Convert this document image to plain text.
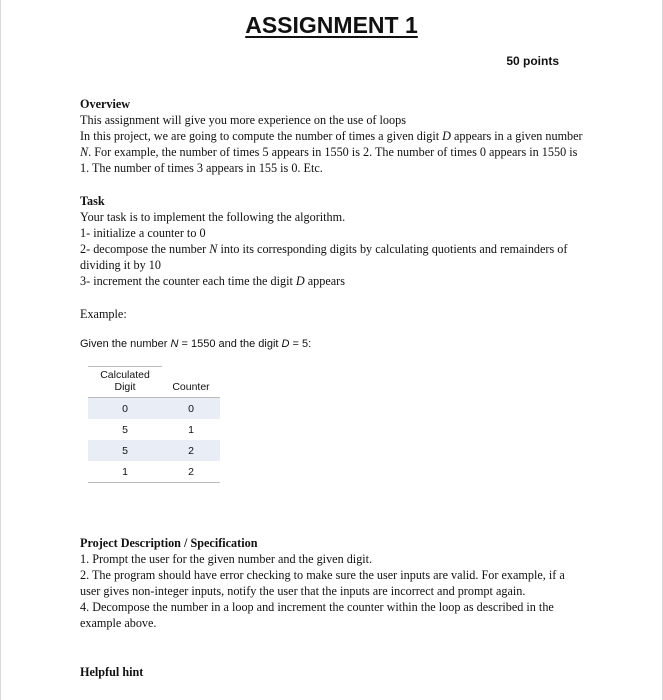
ASSIGNMENT 1
50 points

Overview

This assignment will give you more experience on the use of loops

In this project, we are going to compute the number of times a given digit D appears in a given number N. For example, the number of times 5 appears in 1550 is 2. The number of times 0 appears in 1550 is 1. The number of times 3 appears in 155 is 0. Etc.

Task

Your task is to implement the following the algorithm.

1- initialize a counter to 0

2- decompose the number N into its corresponding digits by calculating quotients and remainders of dividing it by 10

3- increment the counter each time the digit D appears

Example:
Given the number N = 1550 and the digit D = 5:
Calculated
Digit	Counter
0	0
5	1
5	2
1	2

Project Description / Specification

1. Prompt the user for the given number and the given digit.

2. The program should have error checking to make sure the user inputs are valid. For example, if a user gives non-integer inputs, notify the user that the inputs are incorrect and prompt again.

4. Decompose the number in a loop and increment the counter within the loop as described in the example above.

Helpful hint
